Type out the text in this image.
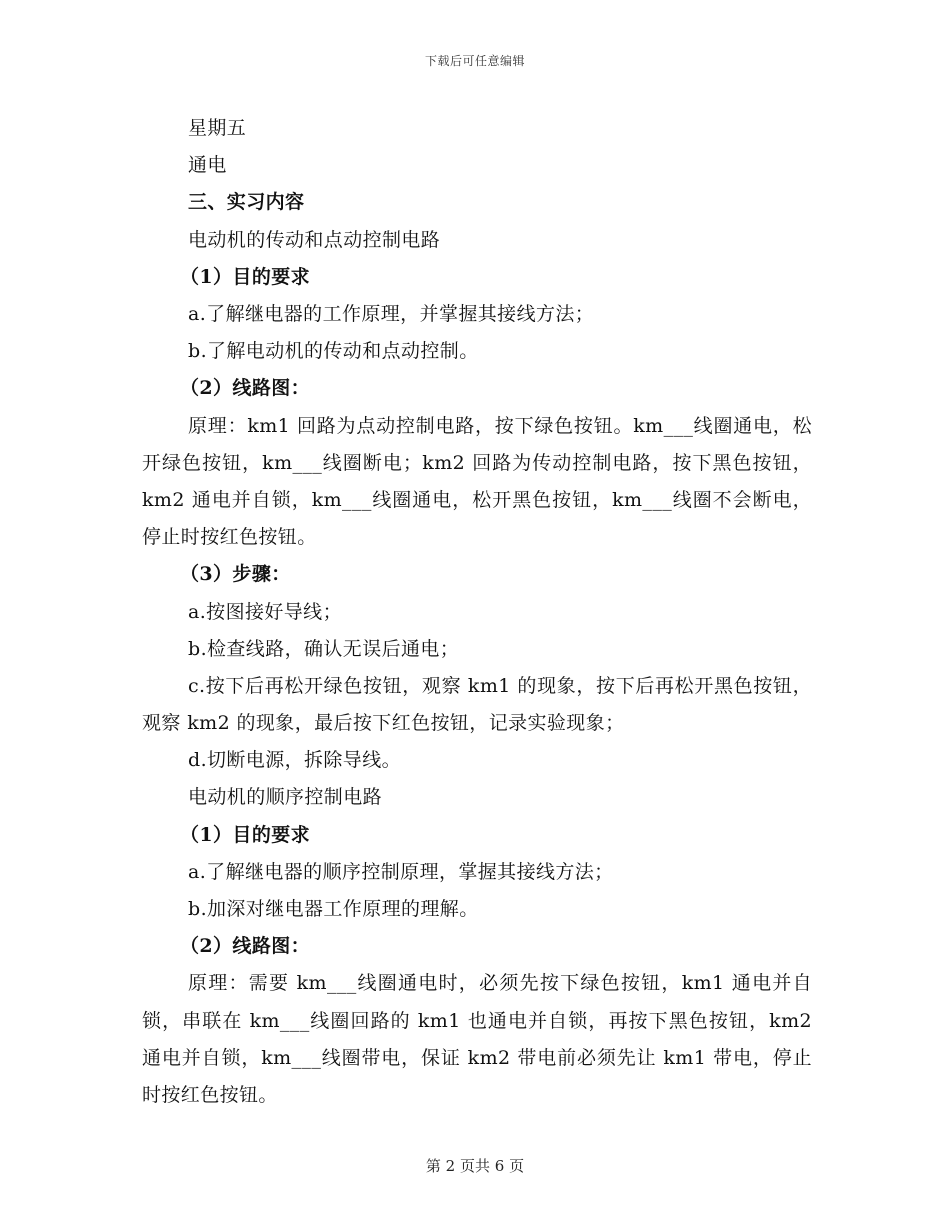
下载后可任意编辑
星期五
通电
三、实习内容
电动机的传动和点动控制电路
（1）目的要求
a.了解继电器的工作原理，并掌握其接线方法；
b.了解电动机的传动和点动控制。
（2）线路图：
原理：km1 回路为点动控制电路，按下绿色按钮。km___线圈通电，松开绿色按钮，km___线圈断电；km2 回路为传动控制电路，按下黑色按钮，km2 通电并自锁，km___线圈通电，松开黑色按钮，km___线圈不会断电，停止时按红色按钮。
（3）步骤：
a.按图接好导线；
b.检查线路，确认无误后通电；
c.按下后再松开绿色按钮，观察 km1 的现象，按下后再松开黑色按钮，观察 km2 的现象，最后按下红色按钮，记录实验现象；
d.切断电源，拆除导线。
电动机的顺序控制电路
（1）目的要求
a.了解继电器的顺序控制原理，掌握其接线方法；
b.加深对继电器工作原理的理解。
（2）线路图：
原理：需要 km___线圈通电时，必须先按下绿色按钮，km1 通电并自锁，串联在 km___线圈回路的 km1 也通电并自锁，再按下黑色按钮，km2 通电并自锁，km___线圈带电，保证 km2 带电前必须先让 km1 带电，停止时按红色按钮。
第 2 页共 6 页
